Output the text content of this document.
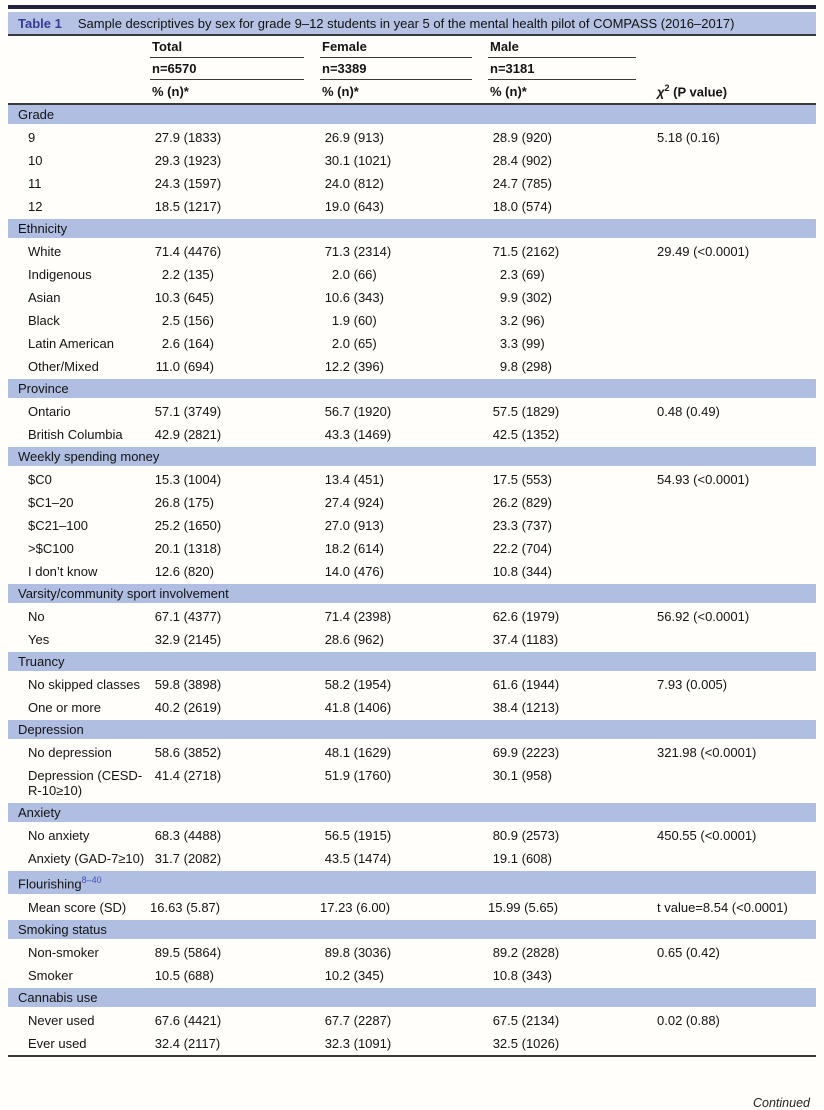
Table 1 Sample descriptives by sex for grade 9–12 students in year 5 of the mental health pilot of COMPASS (2016–2017)

	Total	Female	Male	

	n=6570	n=3389	n=3181	

	% (n)*	% (n)*	% (n)*	$\chi^2$ (P value)
Grade				
9	27.9 (1833)	26.9 (913)	28.9 (920)	5.18 (0.16)
10	29.3 (1923)	30.1 (1021)	28.4 (902)	
11	24.3 (1597)	24.0 (812)	24.7 (785)	
12	18.5 (1217)	19.0 (643)	18.0 (574)	
Ethnicity				
White	71.4 (4476)	71.3 (2314)	71.5 (2162)	29.49 (<0.0001)
Indigenous	2.2 (135)	2.0 (66)	2.3 (69)	
Asian	10.3 (645)	10.6 (343)	9.9 (302)	
Black	2.5 (156)	1.9 (60)	3.2 (96)	
Latin American	2.6 (164)	2.0 (65)	3.3 (99)	
Other/Mixed	11.0 (694)	12.2 (396)	9.8 (298)	
Province				
Ontario	57.1 (3749)	56.7 (1920)	57.5 (1829)	0.48 (0.49)
British Columbia	42.9 (2821)	43.3 (1469)	42.5 (1352)	
Weekly spending money				
$C0	15.3 (1004)	13.4 (451)	17.5 (553)	54.93 (<0.0001)
$C1–20	26.8 (175)	27.4 (924)	26.2 (829)	
$C21–100	25.2 (1650)	27.0 (913)	23.3 (737)	
>$C100	20.1 (1318)	18.2 (614)	22.2 (704)	
I don’t know	12.6 (820)	14.0 (476)	10.8 (344)	
Varsity/community sport involvement				
No	67.1 (4377)	71.4 (2398)	62.6 (1979)	56.92 (<0.0001)
Yes	32.9 (2145)	28.6 (962)	37.4 (1183)	
Truancy				
No skipped classes	59.8 (3898)	58.2 (1954)	61.6 (1944)	7.93 (0.005)
One or more	40.2 (2619)	41.8 (1406)	38.4 (1213)	
Depression				
No depression	58.6 (3852)	48.1 (1629)	69.9 (2223)	321.98 (<0.0001)
Depression (CESD-R-10≥10)	41.4 (2718)	51.9 (1760)	30.1 (958)	
Anxiety				
No anxiety	68.3 (4488)	56.5 (1915)	80.9 (2573)	450.55 (<0.0001)
Anxiety (GAD-7≥10)	31.7 (2082)	43.5 (1474)	19.1 (608)	
Flourishing$^{8-40}$
Mean score (SD)	16.63 (5.87)	17.23 (6.00)	15.99 (5.65)	t value=8.54 (<0.0001)
Smoking status				
Non-smoker	89.5 (5864)	89.8 (3036)	89.2 (2828)	0.65 (0.42)
Smoker	10.5 (688)	10.2 (345)	10.8 (343)	
Cannabis use				
Never used	67.6 (4421)	67.7 (2287)	67.5 (2134)	0.02 (0.88)
Ever used	32.4 (2117)	32.3 (1091)	32.5 (1026)	
Continued
